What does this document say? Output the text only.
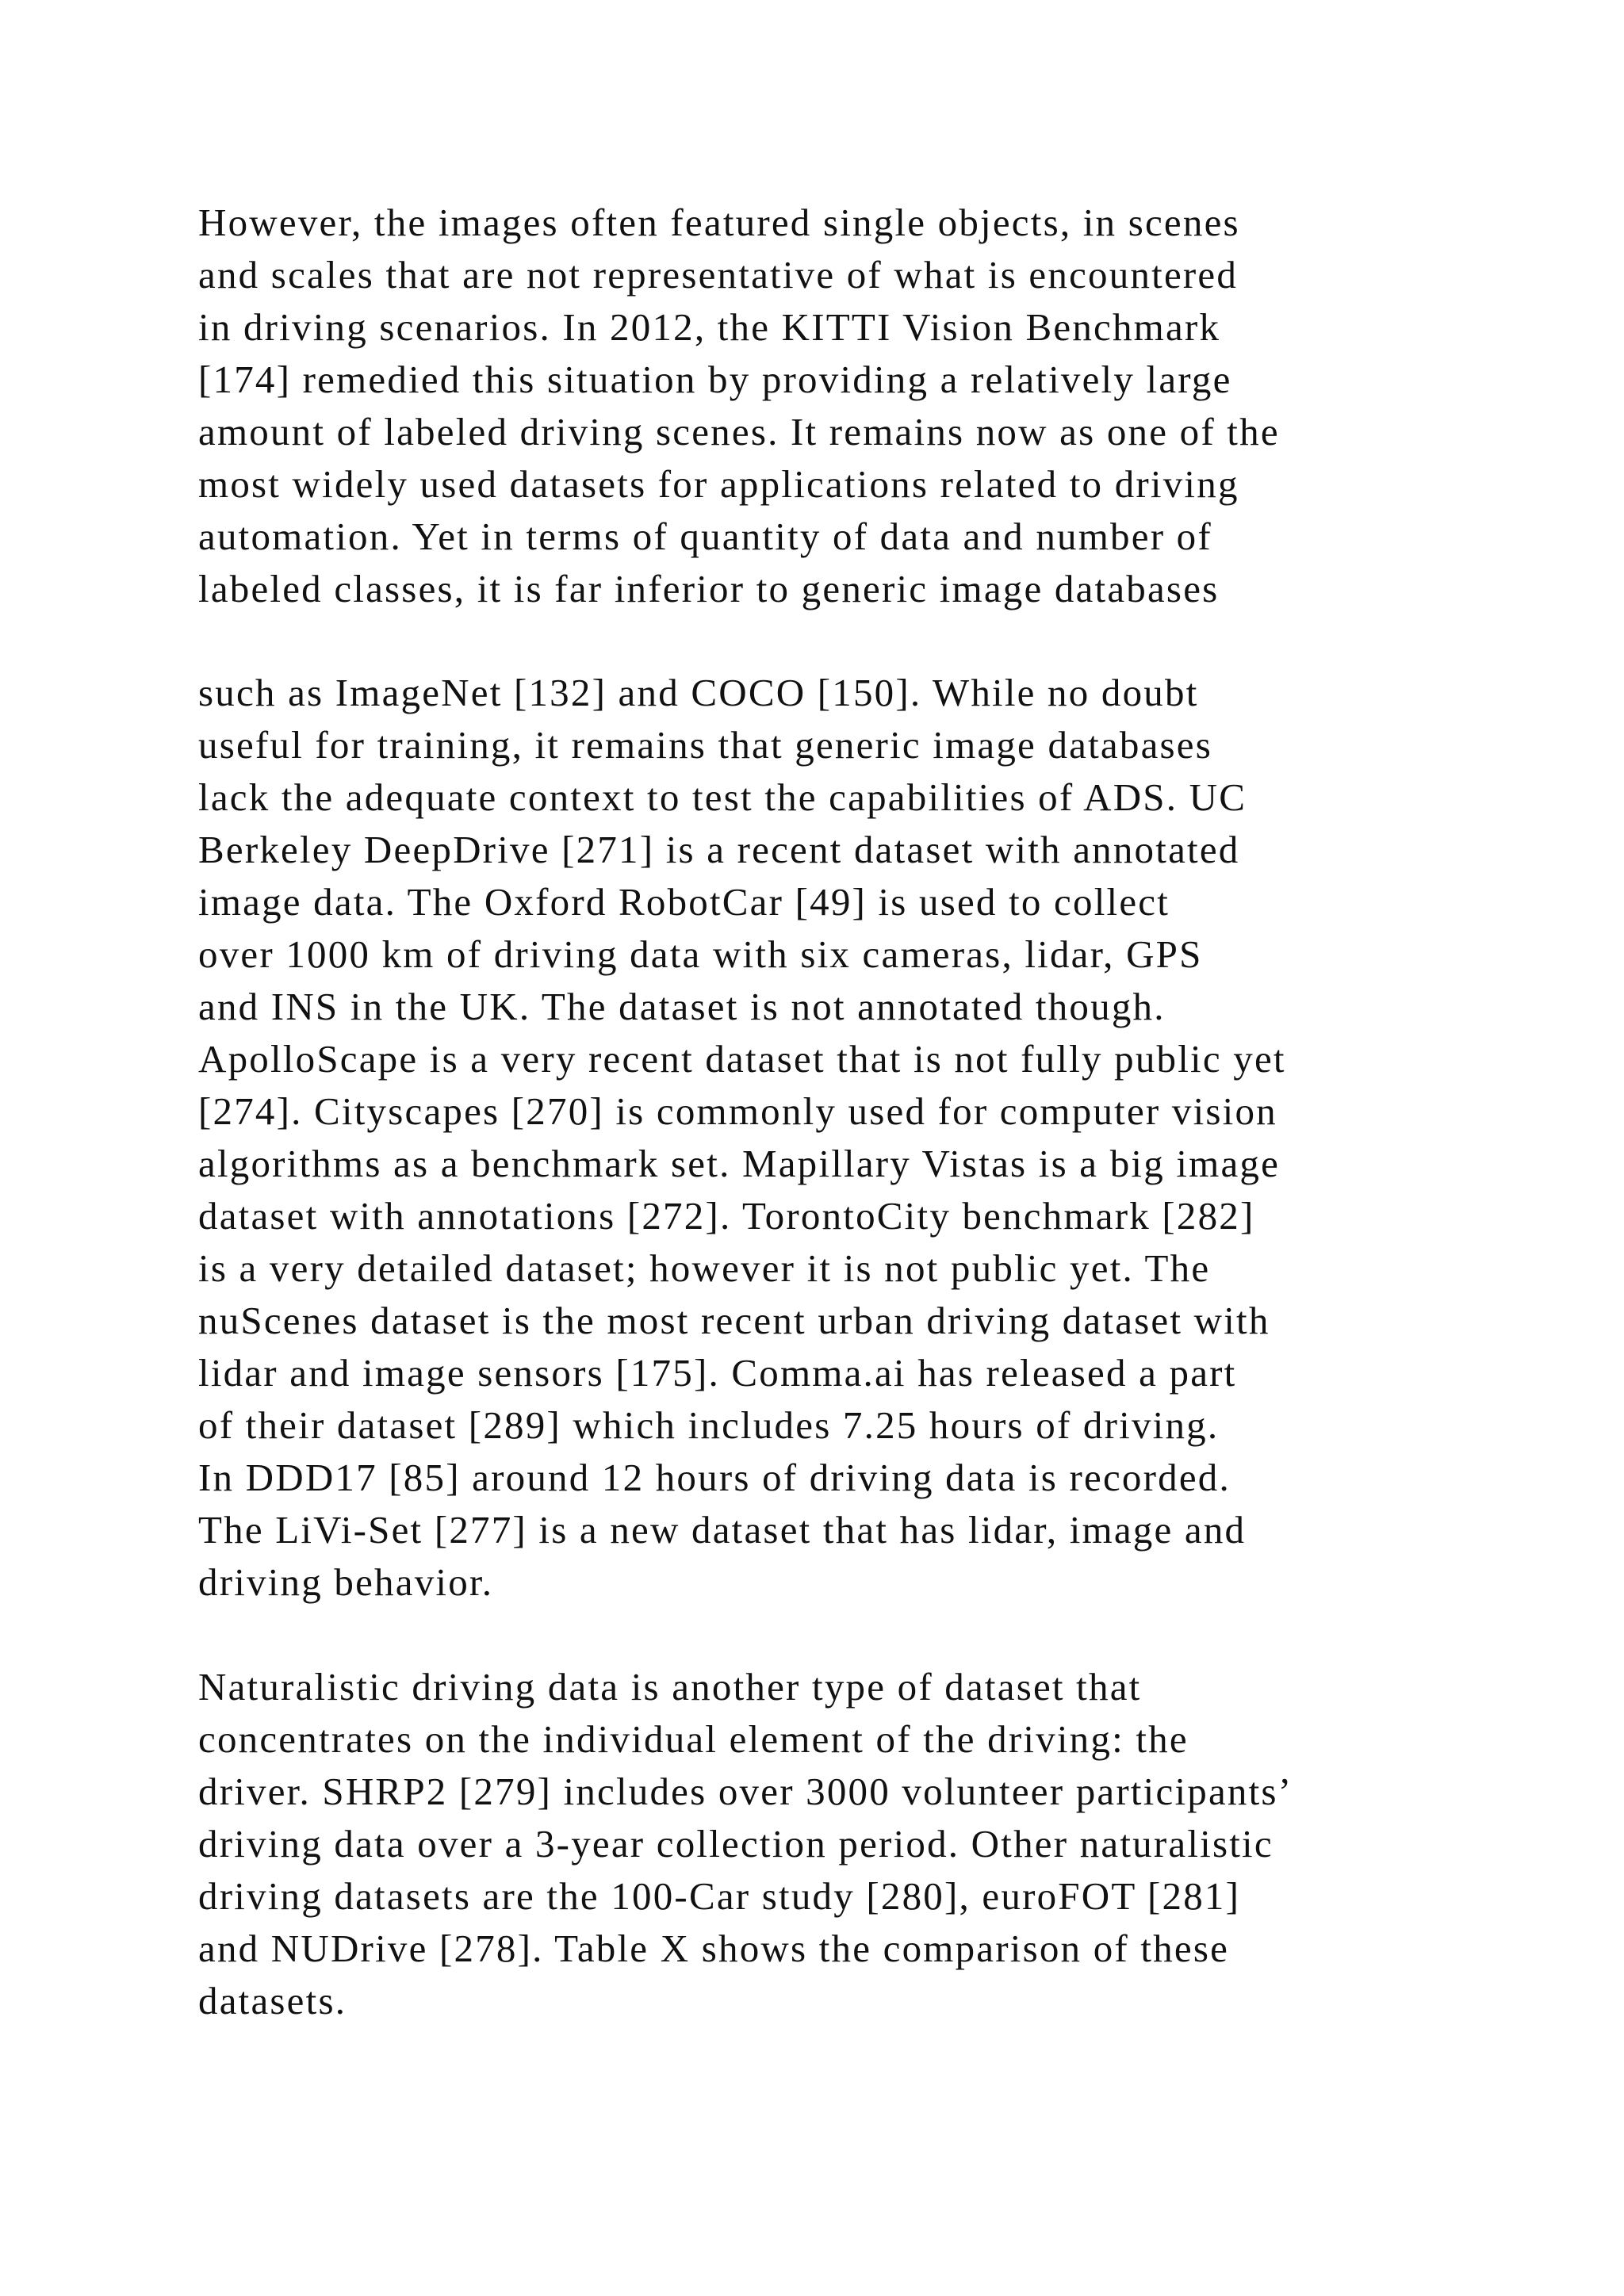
However, the images often featured single objects, in scenes
and scales that are not representative of what is encountered
in driving scenarios. In 2012, the KITTI Vision Benchmark
[174] remedied this situation by providing a relatively large
amount of labeled driving scenes. It remains now as one of the
most widely used datasets for applications related to driving
automation. Yet in terms of quantity of data and number of
labeled classes, it is far inferior to generic image databases
such as ImageNet [132] and COCO [150]. While no doubt
useful for training, it remains that generic image databases
lack the adequate context to test the capabilities of ADS. UC
Berkeley DeepDrive [271] is a recent dataset with annotated
image data. The Oxford RobotCar [49] is used to collect
over 1000 km of driving data with six cameras, lidar, GPS
and INS in the UK. The dataset is not annotated though.
ApolloScape is a very recent dataset that is not fully public yet
[274]. Cityscapes [270] is commonly used for computer vision
algorithms as a benchmark set. Mapillary Vistas is a big image
dataset with annotations [272]. TorontoCity benchmark [282]
is a very detailed dataset; however it is not public yet. The
nuScenes dataset is the most recent urban driving dataset with
lidar and image sensors [175]. Comma.ai has released a part
of their dataset [289] which includes 7.25 hours of driving.
In DDD17 [85] around 12 hours of driving data is recorded.
The LiVi-Set [277] is a new dataset that has lidar, image and
driving behavior.
Naturalistic driving data is another type of dataset that
concentrates on the individual element of the driving: the
driver. SHRP2 [279] includes over 3000 volunteer participants’
driving data over a 3-year collection period. Other naturalistic
driving datasets are the 100-Car study [280], euroFOT [281]
and NUDrive [278]. Table X shows the comparison of these
datasets.
